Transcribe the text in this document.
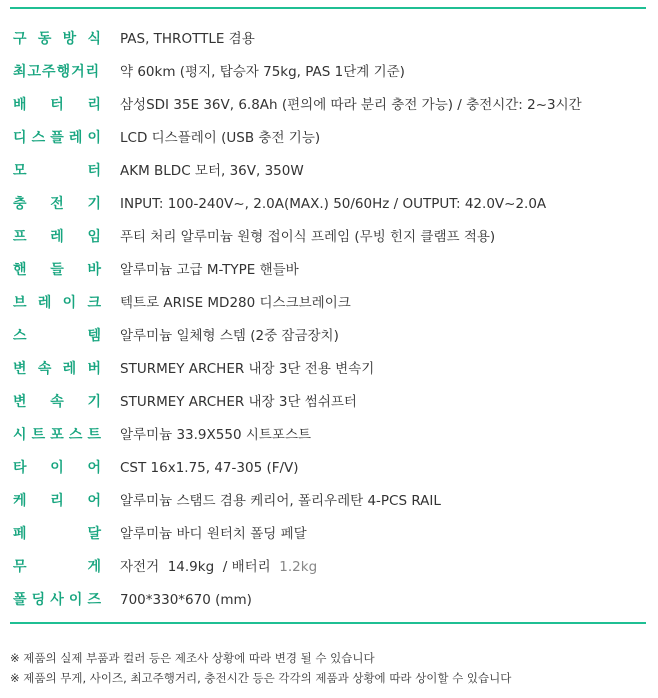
구 동 방 식 PAS, THROTTLE 겸용
최고주행거리 약 60km (평지, 탑승자 75kg, PAS 1단계 기준)
배 터 리 삼성SDI 35E 36V, 6.8Ah (편의에 따라 분리 충전 가능) / 충전시간: 2~3시간
디 스 플 레 이 LCD 디스플레이 (USB 충전 기능)
모	터 AKM BLDC 모터, 36V, 350W
충 전 기 INPUT: 100-240V~, 2.0A(MAX.) 50/60Hz / OUTPUT: 42.0V~2.0A
프 레 임 푸티 처리 알루미늄 원형 접이식 프레임 (무빙 힌지 클램프 적용)
핸 들 바 알루미늄 고급 M-TYPE 핸들바
브 레 이 크 텍트로 ARISE MD280 디스크브레이크
스	템 알루미늄 일체형 스템 (2중 잠금장치)
변 속 레 버 STURMEY ARCHER 내장 3단 전용 변속기
변 속 기 STURMEY ARCHER 내장 3단 썸쉬프터
시 트 포 스 트 알루미늄 33.9X550 시트포스트
타 이 어 CST 16x1.75, 47-305 (F/V)
케 리 어 알루미늄 스탬드 겸용 케리어, 폴리우레탄 4-PCS RAIL
페	달 알루미늄 바디 원터치 폴딩 페달
무	게 자전거  14.9kg  / 배터리  1.2kg
폴 딩 사 이 즈 700*330*670 (mm)
※ 제품의 실제 부품과 컬러 등은 제조사 상황에 따라 변경 될 수 있습니다
※ 제품의 무게, 사이즈, 최고주행거리, 충전시간 등은 각각의 제품과 상황에 따라 상이할 수 있습니다
